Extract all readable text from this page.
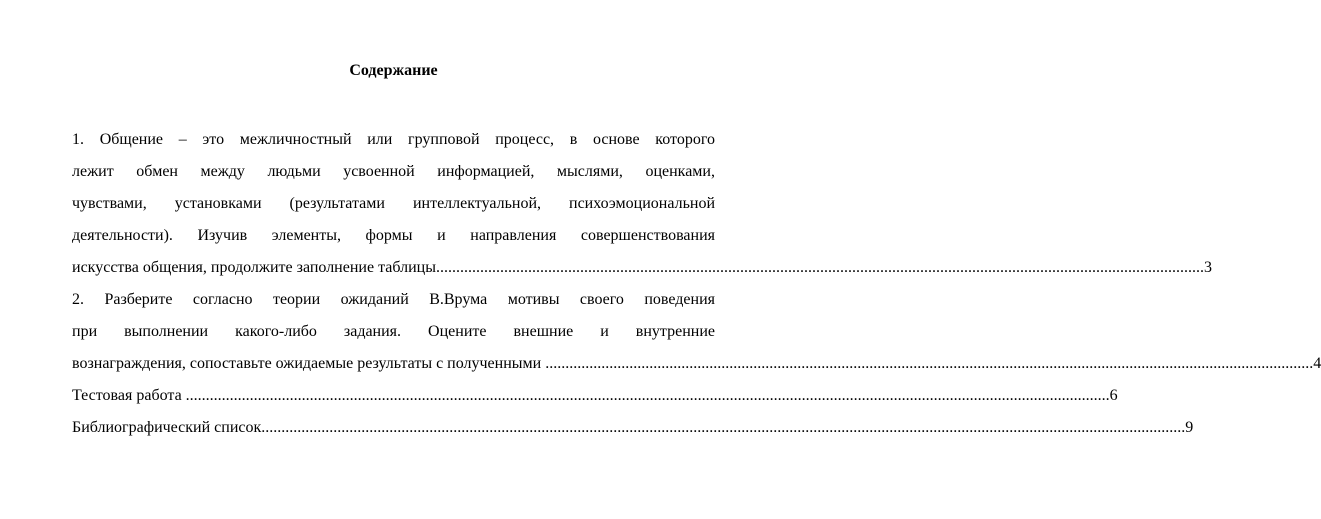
Содержание
1. Общение – это межличностный или групповой процесс, в основе которого
лежит обмен между людьми усвоенной информацией, мыслями, оценками,
чувствами, установками (результатами интеллектуальной, психоэмоциональной
деятельности). Изучив элементы, формы и направления совершенствования
искусства общения, продолжите заполнение таблицы ................................................................................................................................................................................................ 3
2. Разберите согласно теории ожиданий В.Врума мотивы своего поведения
при выполнении какого-либо задания. Оцените внешние и внутренние
вознаграждения, сопоставьте ожидаемые результаты с полученными ................................................................................................................................................................................................ 4
Тестовая работа ....................................................................................................................................................................................................................................... 6
Библиографический список ....................................................................................................................................................................................................................................... 9
